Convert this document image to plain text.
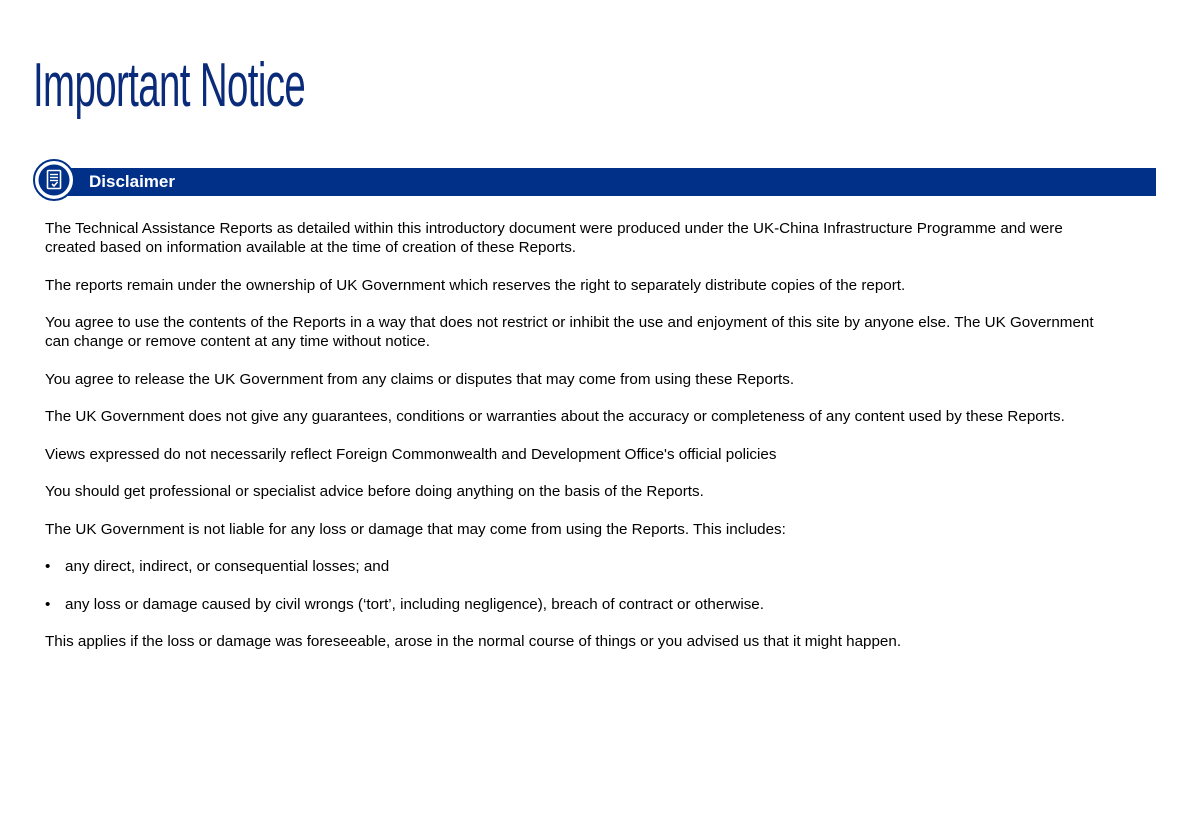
Important Notice
Disclaimer

The Technical Assistance Reports as detailed within this introductory document were produced under the UK-China Infrastructure Programme and were created based on information available at the time of creation of these Reports.

The reports remain under the ownership of UK Government which reserves the right to separately distribute copies of the report.

You agree to use the contents of the Reports in a way that does not restrict or inhibit the use and enjoyment of this site by anyone else. The UK Government can change or remove content at any time without notice.

You agree to release the UK Government from any claims or disputes that may come from using these Reports.

The UK Government does not give any guarantees, conditions or warranties about the accuracy or completeness of any content used by these Reports.

Views expressed do not necessarily reflect Foreign Commonwealth and Development Office's official policies

You should get professional or specialist advice before doing anything on the basis of the Reports.

The UK Government is not liable for any loss or damage that may come from using the Reports. This includes:

• any direct, indirect, or consequential losses; and
• any loss or damage caused by civil wrongs (‘tort’, including negligence), breach of contract or otherwise.

This applies if the loss or damage was foreseeable, arose in the normal course of things or you advised us that it might happen.
